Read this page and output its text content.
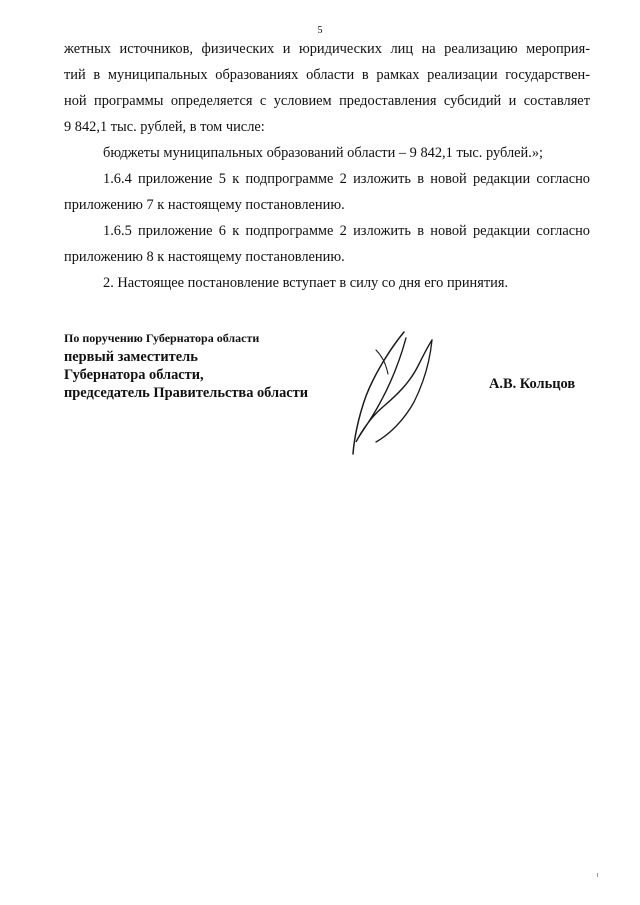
5
жетных источников, физических и юридических лиц на реализацию мероприя-
тий в муниципальных образованиях области в рамках реализации государствен-
ной программы определяется с условием предоставления субсидий и составляет
9 842,1 тыс. рублей, в том числе:
бюджеты муниципальных образований области – 9 842,1 тыс. рублей.»;
1.6.4 приложение 5 к подпрограмме 2 изложить в новой редакции согласно
приложению 7 к настоящему постановлению.
1.6.5 приложение 6 к подпрограмме 2 изложить в новой редакции согласно
приложению 8 к настоящему постановлению.
2. Настоящее постановление вступает в силу со дня его принятия.
По поручению Губернатора области
первый заместитель
Губернатора области,
председатель Правительства области
А.В. Кольцов
